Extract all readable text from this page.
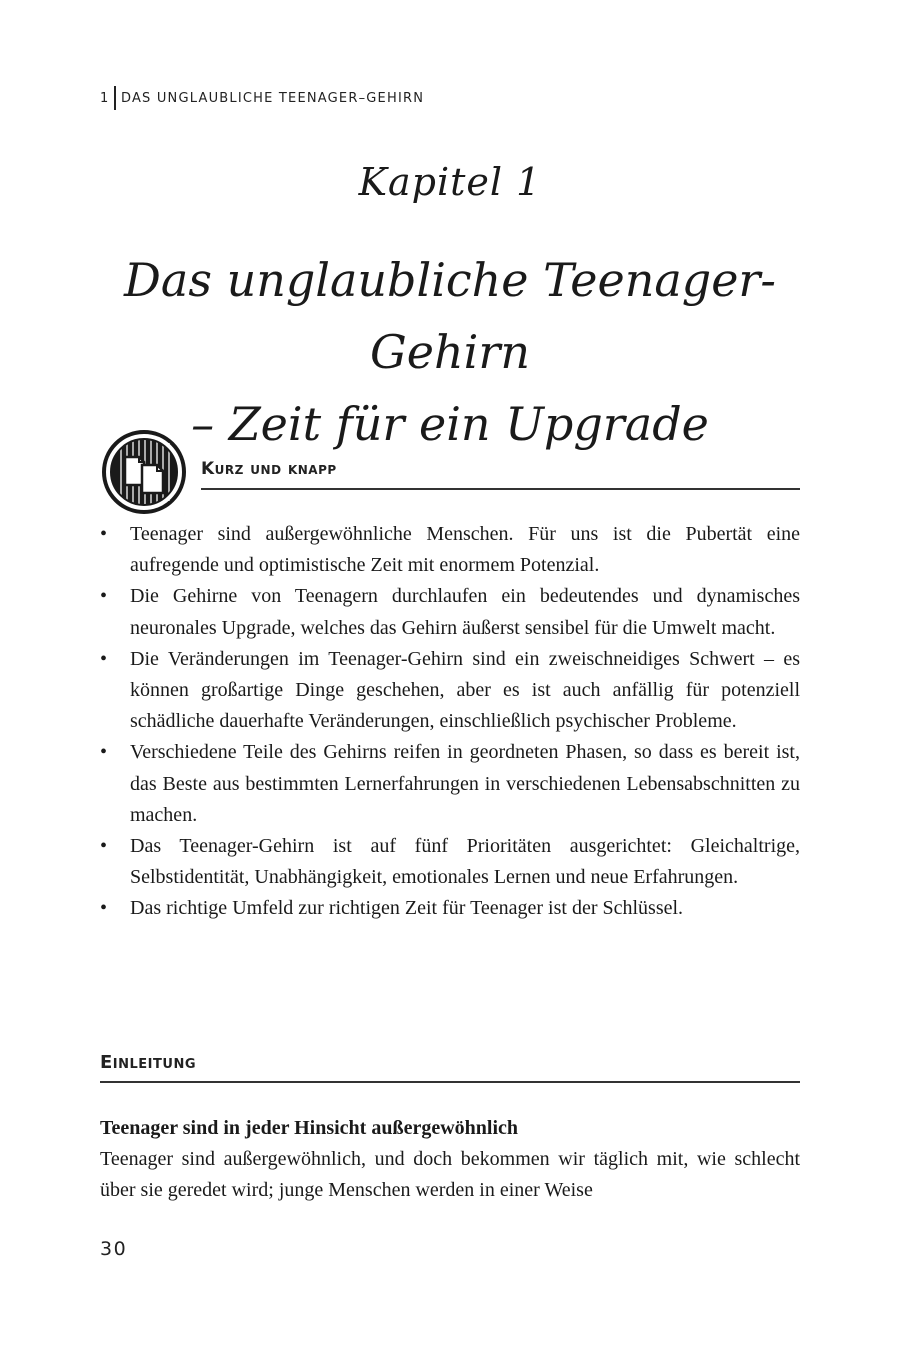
1 DAS UNGLAUBLICHE TEENAGER–GEHIRN
Kapitel 1
Das unglaubliche Teenager-Gehirn
– Zeit für ein Upgrade
Kurz und knapp
• Teenager sind außergewöhnliche Menschen. Für uns ist die Pubertät eine aufregende und optimistische Zeit mit enormem Potenzial.
• Die Gehirne von Teenagern durchlaufen ein bedeutendes und dynamisches neuronales Upgrade, welches das Gehirn äußerst sensibel für die Umwelt macht.
• Die Veränderungen im Teenager-Gehirn sind ein zweischneidiges Schwert – es können großartige Dinge geschehen, aber es ist auch anfällig für potenziell schädliche dauerhafte Veränderungen, einschließlich psychischer Probleme.
• Verschiedene Teile des Gehirns reifen in geordneten Phasen, so dass es bereit ist, das Beste aus bestimmten Lernerfahrungen in verschiedenen Lebensabschnitten zu machen.
• Das Teenager-Gehirn ist auf fünf Prioritäten ausgerichtet: Gleichaltrige, Selbstidentität, Unabhängigkeit, emotionales Lernen und neue Erfahrungen.
• Das richtige Umfeld zur richtigen Zeit für Teenager ist der Schlüssel.
Einleitung
Teenager sind in jeder Hinsicht außergewöhnlich

Teenager sind außergewöhnlich, und doch bekommen wir täglich mit, wie schlecht über sie geredet wird; junge Menschen werden in einer Weise

30
